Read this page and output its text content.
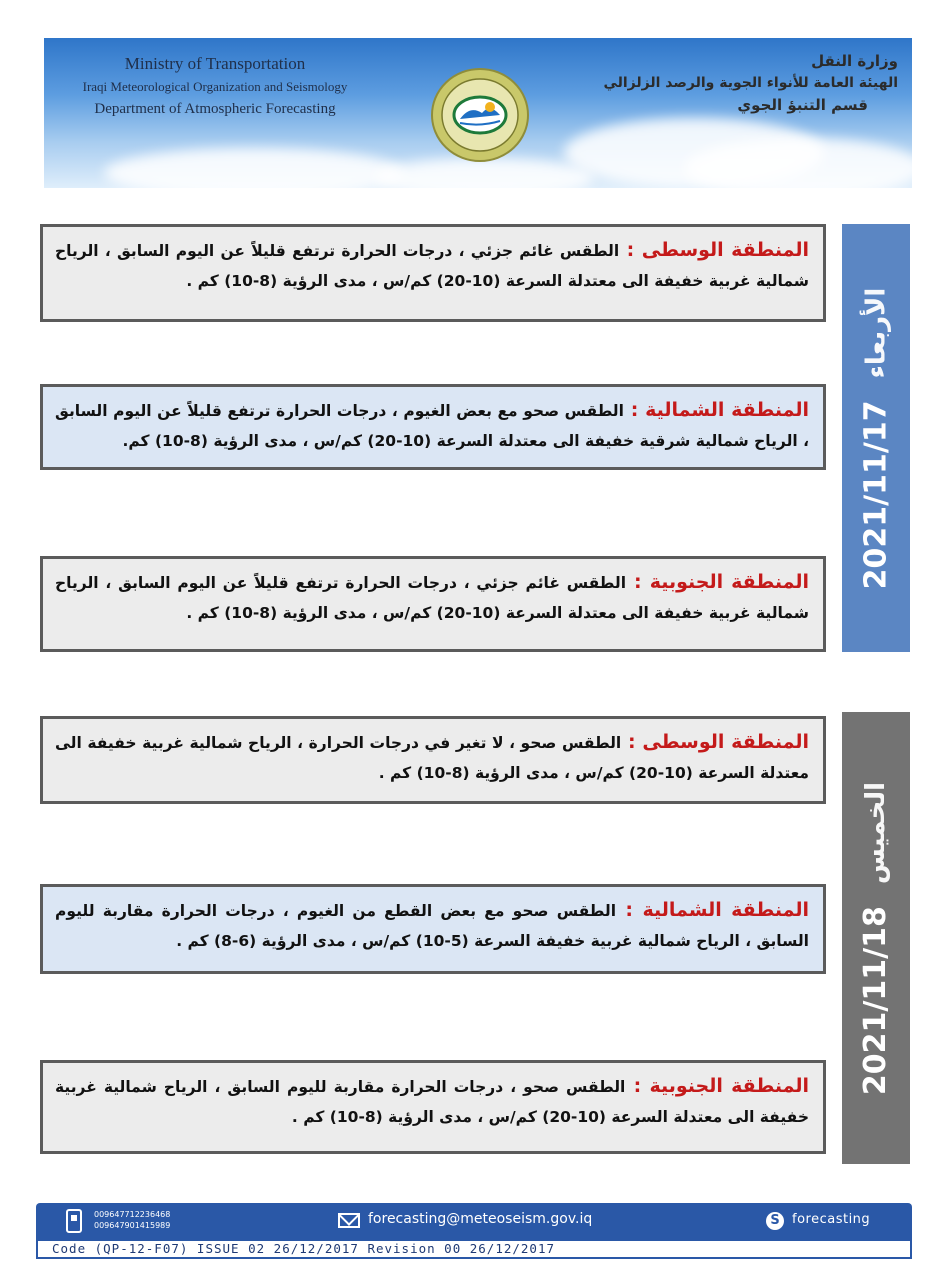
Ministry of Transportation
Iraqi Meteorological Organization and Seismology
Department of Atmospheric Forecasting
وزارة النقل
الهيئة العامة للأنواء الجوية والرصد الزلزالي
قسم التنبؤ الجوي
المنطقة الوسطى : الطقس غائم جزئي ، درجات الحرارة ترتفع قليلاً عن اليوم السابق ، الرياح شمالية غربية خفيفة الى معتدلة السرعة (10-20) كم/س ، مدى الرؤية (8-10) كم .
المنطقة الشمالية : الطقس صحو مع بعض الغيوم ، درجات الحرارة ترتفع قليلاً عن اليوم السابق ، الرياح شمالية شرقية خفيفة الى معتدلة السرعة (10-20) كم/س ، مدى الرؤية (8-10) كم.
المنطقة الجنوبية : الطقس غائم جزئي ، درجات الحرارة ترتفع قليلاً عن اليوم السابق ، الرياح شمالية غربية خفيفة الى معتدلة السرعة (10-20) كم/س ، مدى الرؤية (8-10) كم .
2021/11/17
الأربعاء
المنطقة الوسطى : الطقس صحو ، لا تغير في درجات الحرارة ، الرياح شمالية غربية خفيفة الى معتدلة السرعة (10-20) كم/س ، مدى الرؤية (8-10) كم .
المنطقة الشمالية : الطقس صحو مع بعض القطع من الغيوم ، درجات الحرارة مقاربة لليوم السابق ، الرياح شمالية غربية خفيفة السرعة (5-10) كم/س ، مدى الرؤية (6-8) كم .
المنطقة الجنوبية : الطقس صحو ، درجات الحرارة مقاربة لليوم السابق ، الرياح شمالية غربية خفيفة الى معتدلة السرعة (10-20) كم/س ، مدى الرؤية (8-10) كم .
2021/11/18
الخميس
009647712236468
009647901415989	forecasting@meteoseism.gov.iq	S forecasting
Code (QP-12-F07) ISSUE 02 26/12/2017 Revision 00 26/12/2017
